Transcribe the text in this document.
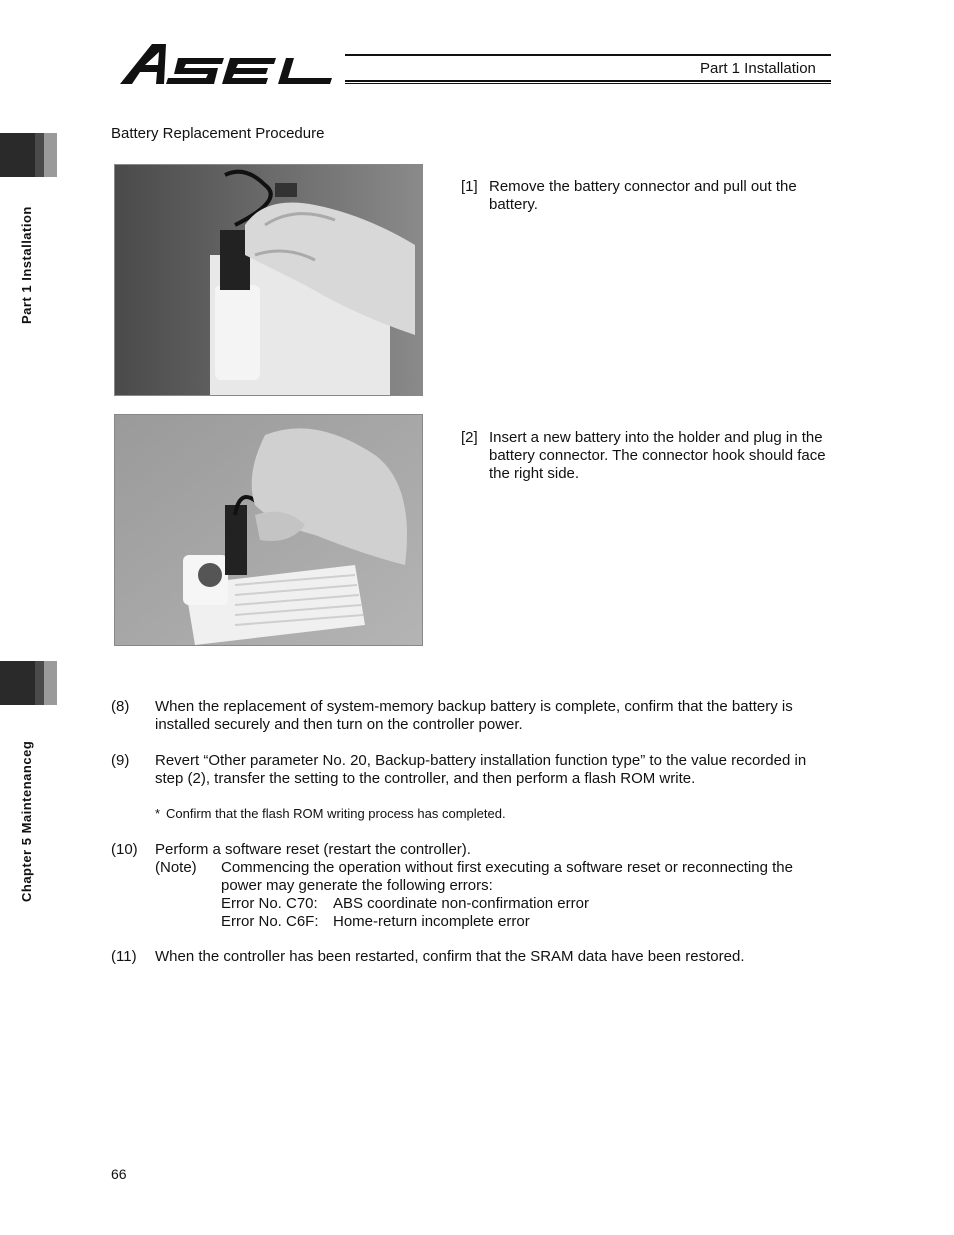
Part 1 Installation
Part 1 Installation
Chapter 5 Maintenanceg
Battery Replacement Procedure
[1] Remove the battery connector and pull out the
battery.
[2] Insert a new battery into the holder and plug in the
battery connector. The connector hook should face
the right side.
(8)	When the replacement of system-memory backup battery is complete, confirm that the battery is
installed securely and then turn on the controller power.
(9)	Revert “Other parameter No. 20, Backup-battery installation function type” to the value recorded in
step (2), transfer the setting to the controller, and then perform a flash ROM write.
* Confirm that the flash ROM writing process has completed.
(10)	Perform a software reset (restart the controller).
(Note) Commencing the operation without first executing a software reset or reconnecting the
power may generate the following errors:
Error No. C70: ABS coordinate non-confirmation error
Error No. C6F: Home-return incomplete error
(11)	When the controller has been restarted, confirm that the SRAM data have been restored.
66
